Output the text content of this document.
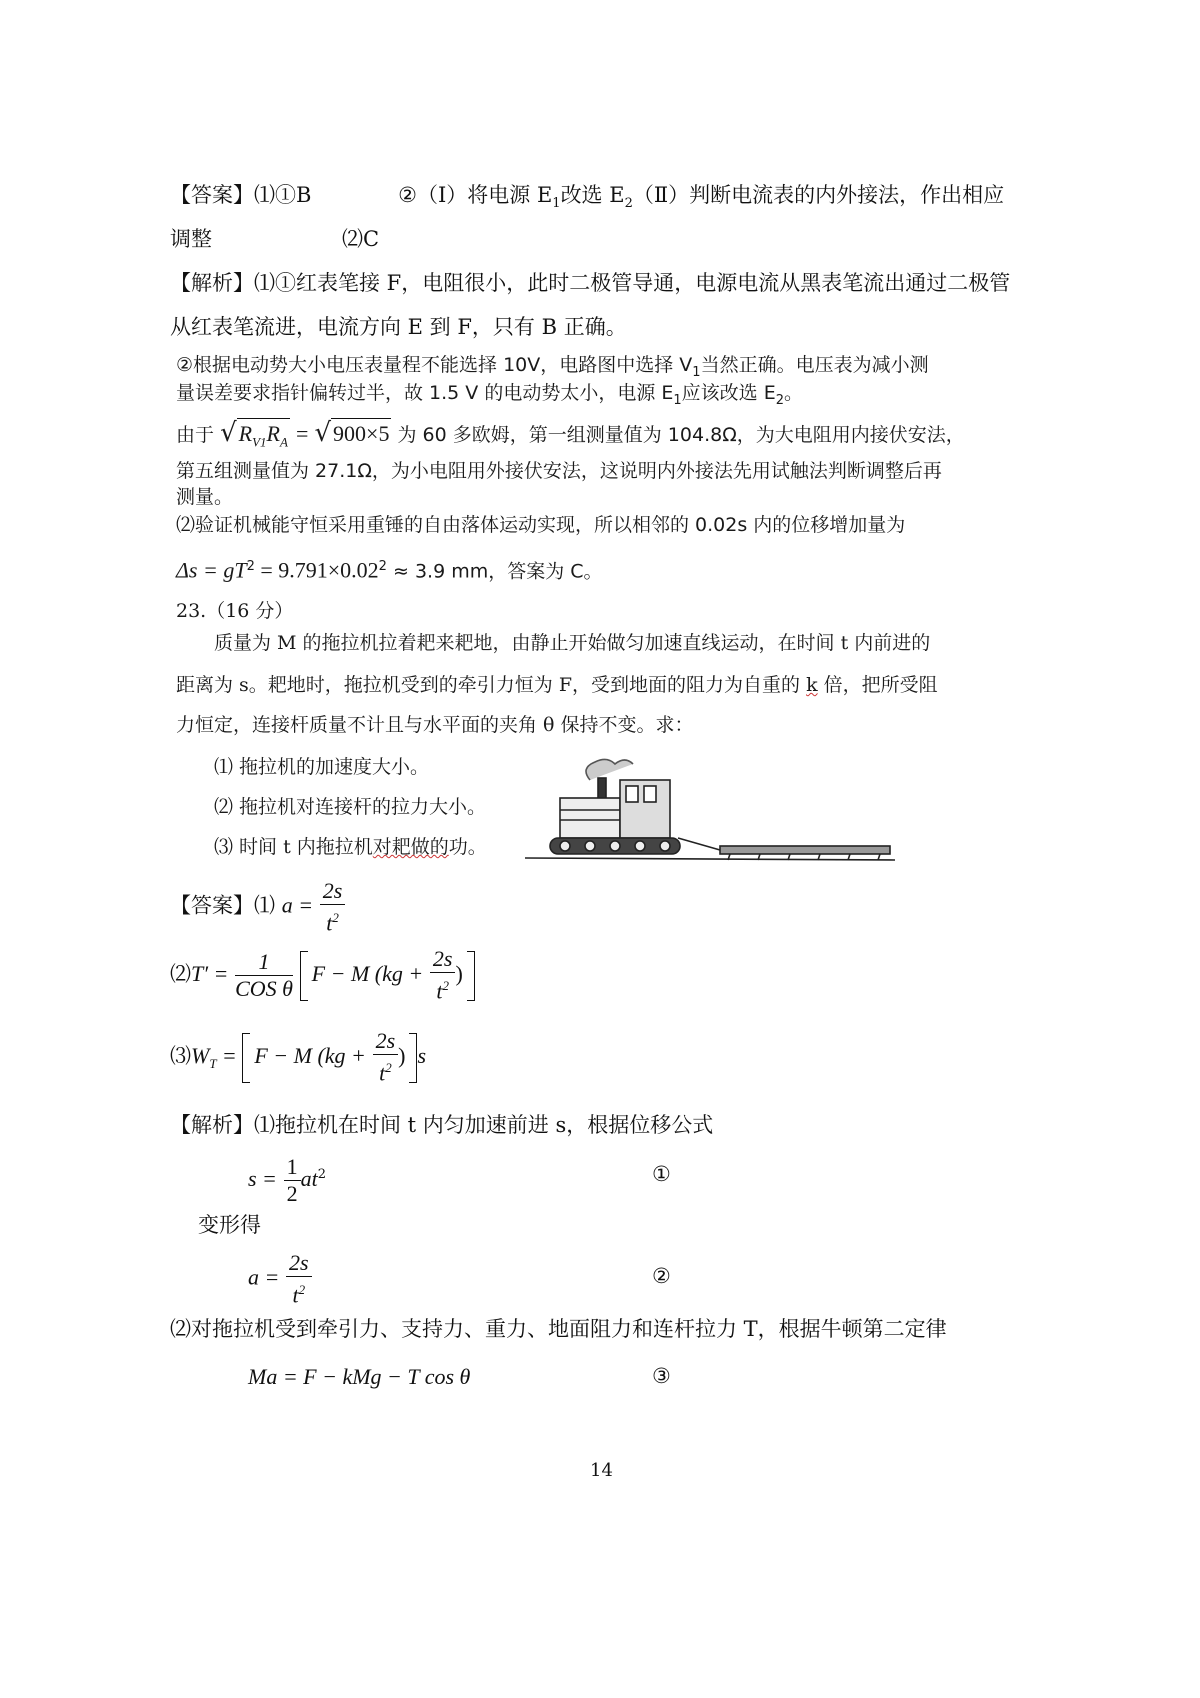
【答案】⑴①B	②（Ⅰ）将电源 $E_1$改选 $E_2(Ⅱ)$判断电流表的内外接法，作出相应
调整	⑵C
【解析】⑴①红表笔接 F，电阻很小，此时二极管导通，电源电流从黑表笔流出通过二极管
从红表笔流进，电流方向 E 到 F，只有 B 正确。
②根据电动势大小电压表量程不能选择 10V，电路图中选择 $V_1$当然正确。电压表为减小测
量误差要求指针偏转过半，故 1.5 V 的电动势太小，电源 $E_1$应该改选 $E_2$。
由于 $√R_{V1}R_A = √900\times 5$ 为 60 多欧姆，第一组测量值为 104.8Ω，为大电阻用内接伏安法，
第五组测量值为 27.1Ω，为小电阻用外接伏安法，这说明内外接法先用试触法判断调整后再
测量。
⑵验证机械能守恒采用重锤的自由落体运动实现，所以相邻的 0.02s 内的位移增加量为
$\Delta s = gT^2 = 9.791\times 0.02^2 \approx 3.9$ mm，答案为 C。
23.（16 分）
质量为 M 的拖拉机拉着耙来耙地，由静止开始做匀加速直线运动，在时间 t 内前进的
距离为 s。耙地时，拖拉机受到的牵引力恒为 F，受到地面的阻力为自重的 k 倍，把所受阻
力恒定，连接杆质量不计且与水平面的夹角 θ 保持不变。求：
⑴ 拖拉机的加速度大小。
⑵ 拖拉机对连接杆的拉力大小。
⑶ 时间 t 内拖拉机对耙做的功。
【答案】⑴ $a = \frac{2s}{t^2}$
⑵T′ = $\frac{1}{\text{COS θ}}$ F − M ($kg + \frac{2s}{t^2}$ )
$⑶W_T = F - M$ ($kg + \frac{2s}{t^2}$ ) s
【解析】⑴拖拉机在时间 t 内匀加速前进 s，根据位移公式
$s = \frac{1}{2} at^2$	①
变形得
$a = \frac{2s}{t^2}$	②
⑵对拖拉机受到牵引力、支持力、重力、地面阻力和连杆拉力 T，根据牛顿第二定律
Ma = F − kMg − T cos θ	③
14
